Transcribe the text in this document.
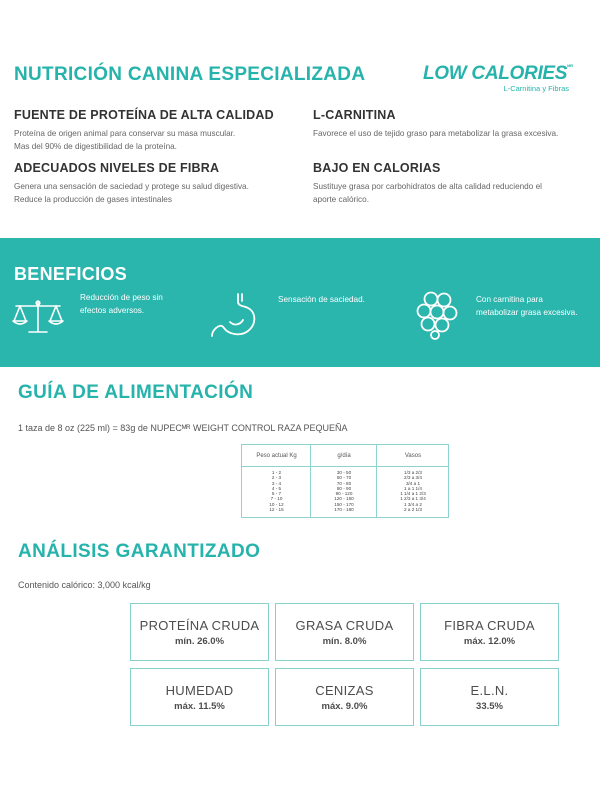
NUTRICIÓN CANINA ESPECIALIZADA	LOW $CALORIES^{MR}$
L-Carnitina y Fibras
FUENTE DE PROTEÍNA DE ALTA CALIDAD

Proteína de origen animal para conservar su masa muscular.
Mas del 90% de digestibilidad de la proteína.

L-CARNITINA

Favorece el uso de tejido graso para metabolizar la grasa excesiva.

ADECUADOS NIVELES DE FIBRA

Genera una sensación de saciedad y protege su salud digestiva.
Reduce la producción de gases intestinales

BAJO EN CALORIAS

Sustituye grasa por carbohidratos de alta calidad reduciendo el
aporte calórico.

BENEFICIOS
Reducción de peso sin
efectos adversos.
Sensación de saciedad.	Con carnitina para
metabolizar grasa excesiva.
GUÍA DE ALIMENTACIÓN

1 taza de 8 oz (225 ml) = 83g de NUPECᴹᴿ WEIGHT CONTROL RAZA PEQUEÑA

Peso actual Kg	g/día	Vasos
1 - 2	30 - 50	1/3 a 2/3
2 - 3	50 - 70	2/3 a 3/4
3 - 4	70 - 80	3/4 a 1
4 - 5	80 - 90	1 a 1 1/4
5 - 7	90 - 120	1 1/4 a 1 2/3
7 - 10	120 - 150	1 2/3 a 1 3/4
10 - 12	150 - 170	1 3/4 a 2
12 - 15	170 - 180	2 a 2 1/3
ANÁLISIS GARANTIZADO

Contenido calórico: 3,000 kcal/kg

PROTEÍNA CRUDA
mín. 26.0%
GRASA CRUDA
mín. 8.0%
FIBRA CRUDA
máx. 12.0%
HUMEDAD
máx. 11.5%
CENIZAS
máx. 9.0%
E.L.N.
33.5%
